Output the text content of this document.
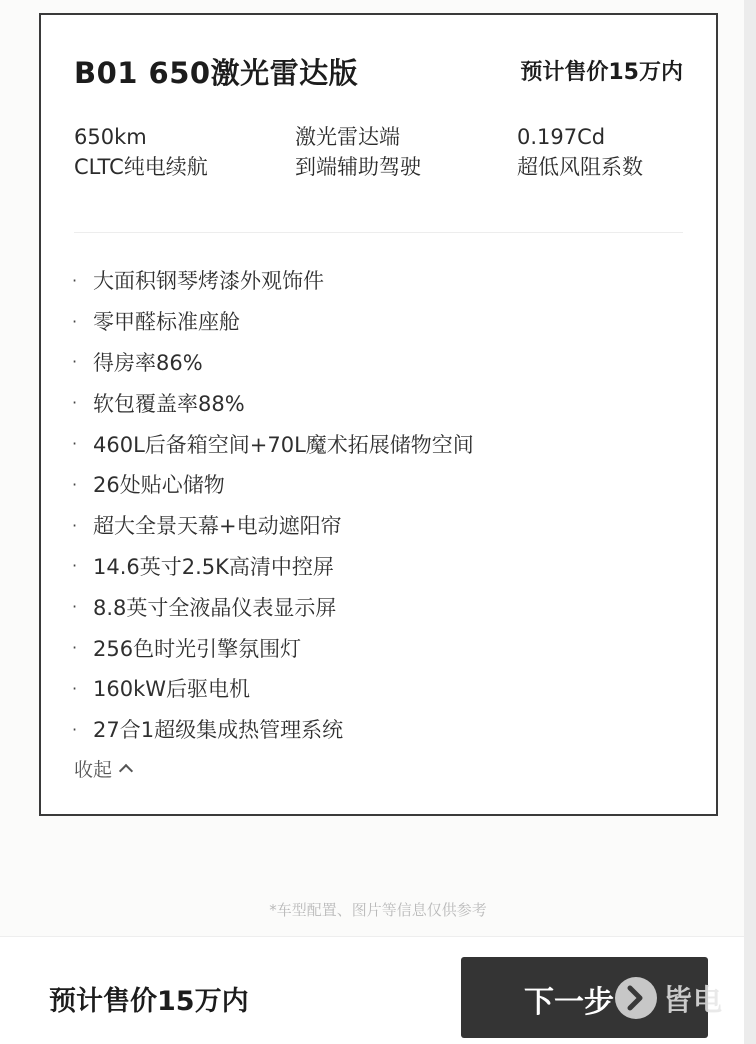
B01 650激光雷达版	预计售价15万内
650km
CLTC纯电续航
激光雷达端
到端辅助驾驶
0.197Cd
超低风阻系数
· 大面积钢琴烤漆外观饰件
· 零甲醛标准座舱
· 得房率86%
· 软包覆盖率88%
· 460L后备箱空间+70L魔术拓展储物空间
· 26处贴心储物
· 超大全景天幕+电动遮阳帘
· 14.6英寸2.5K高清中控屏
· 8.8英寸全液晶仪表显示屏
· 256色时光引擎氛围灯
· 160kW后驱电机
· 27合1超级集成热管理系统
收起
*车型配置、图片等信息仅供参考
预计售价15万内	下一步 皆电
